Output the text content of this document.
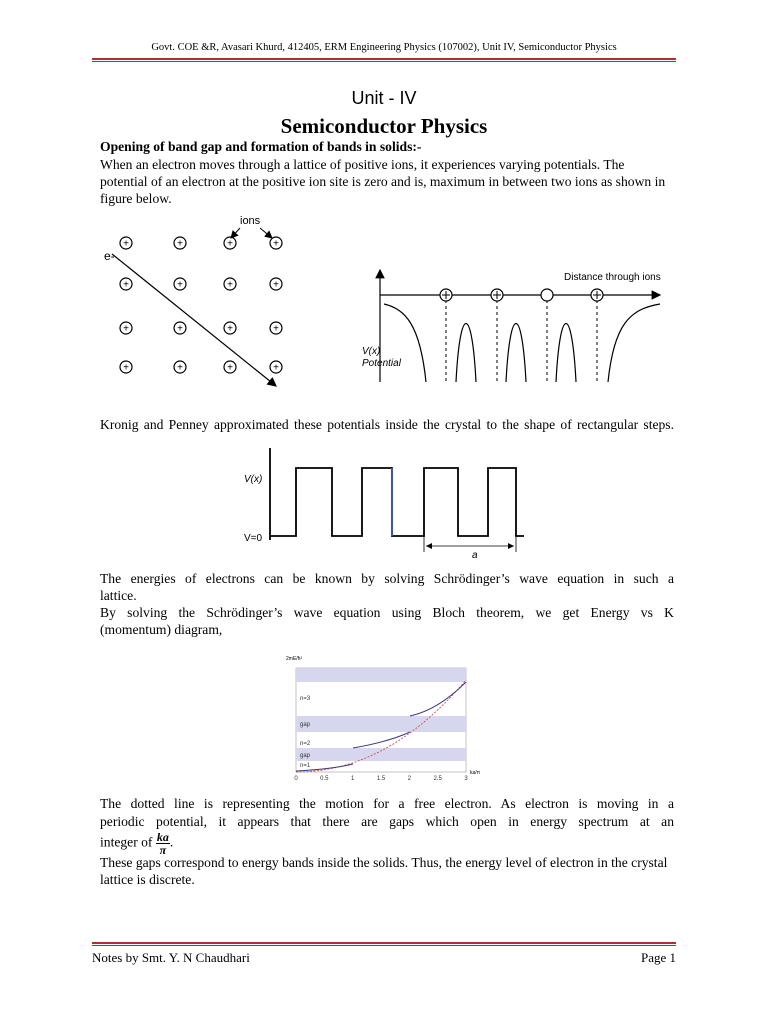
Govt. COE &R, Avasari Khurd, 412405, ERM Engineering Physics (107002), Unit IV, Semiconductor Physics
Unit - IV
Semiconductor Physics
Opening of band gap and formation of bands in solids:-
When an electron moves through a lattice of positive ions, it experiences varying potentials. The potential of an electron at the positive ion site is zero and is, maximum in between two ions as shown in figure below.
ions
e-
+	+	+	+
+	+	+	+
+	+	+	+
+	+	+	+
Distance through ions
V(x)
Potential
Kronig and Penney approximated these potentials inside the crystal to the shape of rectangular steps.
V(x)
V=0
a
The energies of electrons can be known by solving Schrödinger’s wave equation in such a
lattice.
By solving the Schrödinger’s wave equation using Bloch theorem, we get Energy vs K
(momentum) diagram,
2mE/ħ²
n=3
gap
n=2
gap
n=1
0	0.5	1	1.5	2	2.5	3
ka/π
The dotted line is representing the motion for a free electron. As electron is moving in a
periodic potential, it appears that there are gaps which open in energy spectrum at an
integer of $\frac{ka}{\pi}$ .
These gaps correspond to energy bands inside the solids. Thus, the energy level of electron in the crystal lattice is discrete.
Notes by Smt. Y. N Chaudhari	Page 1
